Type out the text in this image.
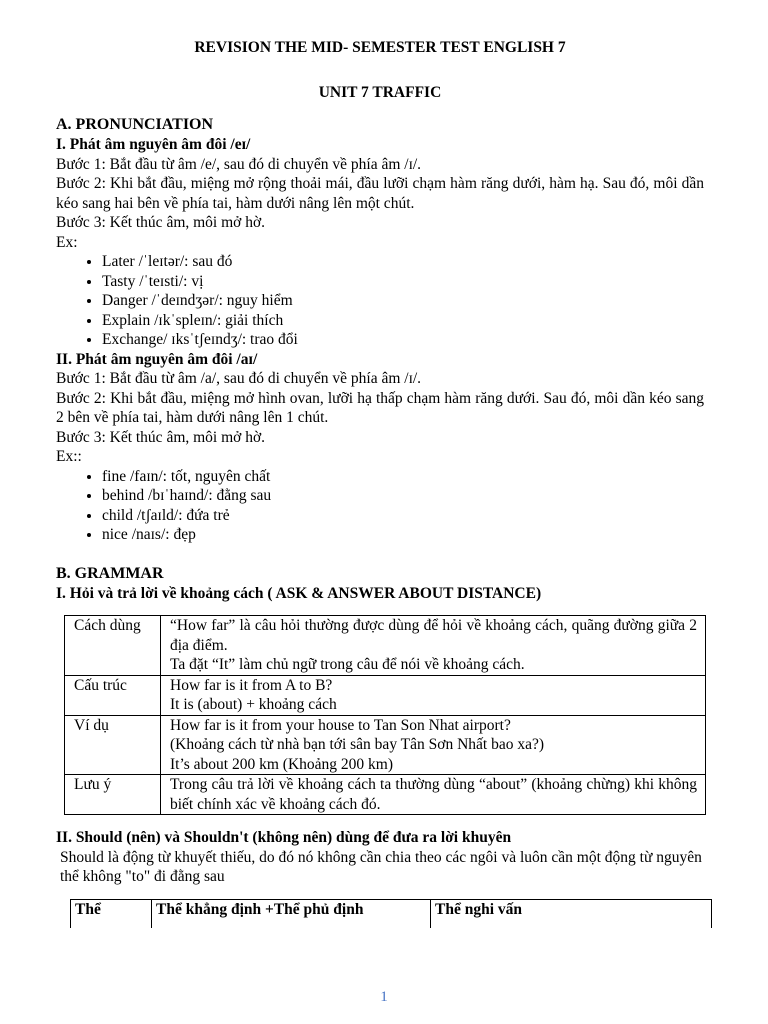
REVISION THE MID- SEMESTER TEST ENGLISH 7
UNIT 7 TRAFFIC
A. PRONUNCIATION
I. Phát âm nguyên âm đôi /eɪ/
Bước 1: Bắt đầu từ âm /e/, sau đó di chuyển về phía âm /ɪ/.
Bước 2: Khi bắt đầu, miệng mở rộng thoải mái, đầu lưỡi chạm hàm răng dưới, hàm hạ. Sau đó, môi dần kéo sang hai bên về phía tai, hàm dưới nâng lên một chút.
Bước 3: Kết thúc âm, môi mở hờ.
Ex:
• Later /ˈleɪtər/: sau đó
• Tasty /ˈteɪsti/: vị
• Danger /ˈdeɪndʒər/: nguy hiểm
• Explain /ɪkˈspleɪn/: giải thích
• Exchange/ ɪksˈtʃeɪndʒ/: trao đổi
II. Phát âm nguyên âm đôi /aɪ/
Bước 1: Bắt đầu từ âm /a/, sau đó di chuyển về phía âm /ɪ/.
Bước 2: Khi bắt đầu, miệng mở hình ovan, lưỡi hạ thấp chạm hàm răng dưới. Sau đó, môi dần kéo sang 2 bên về phía tai, hàm dưới nâng lên 1 chút.
Bước 3: Kết thúc âm, môi mở hờ.
Ex::
• fine /faɪn/: tốt, nguyên chất
• behind /bɪˈhaɪnd/: đằng sau
• child /tʃaɪld/: đứa trẻ
• nice /naɪs/: đẹp
B. GRAMMAR
I. Hỏi và trả lời về khoảng cách ( ASK & ANSWER ABOUT DISTANCE)
Cách dùng	“How far” là câu hỏi thường được dùng để hỏi về khoảng cách, quãng đường giữa 2 địa điểm.
Ta đặt “It” làm chủ ngữ trong câu để nói về khoảng cách.

Cấu trúc	How far is it from A to B?
It is (about) + khoảng cách

Ví dụ	How far is it from your house to Tan Son Nhat airport?
(Khoảng cách từ nhà bạn tới sân bay Tân Sơn Nhất bao xa?)
It’s about 200 km (Khoảng 200 km)

Lưu ý	Trong câu trả lời về khoảng cách ta thường dùng “about” (khoảng chừng) khi không biết chính xác về khoảng cách đó.
II. Should (nên) và Shouldn't (không nên) dùng để đưa ra lời khuyên
Should là động từ khuyết thiếu, do đó nó không cần chia theo các ngôi và luôn cần một động từ nguyên thể không "to" đi đằng sau
Thể	Thể khẳng định +Thể phủ định	Thể nghi vấn
1
